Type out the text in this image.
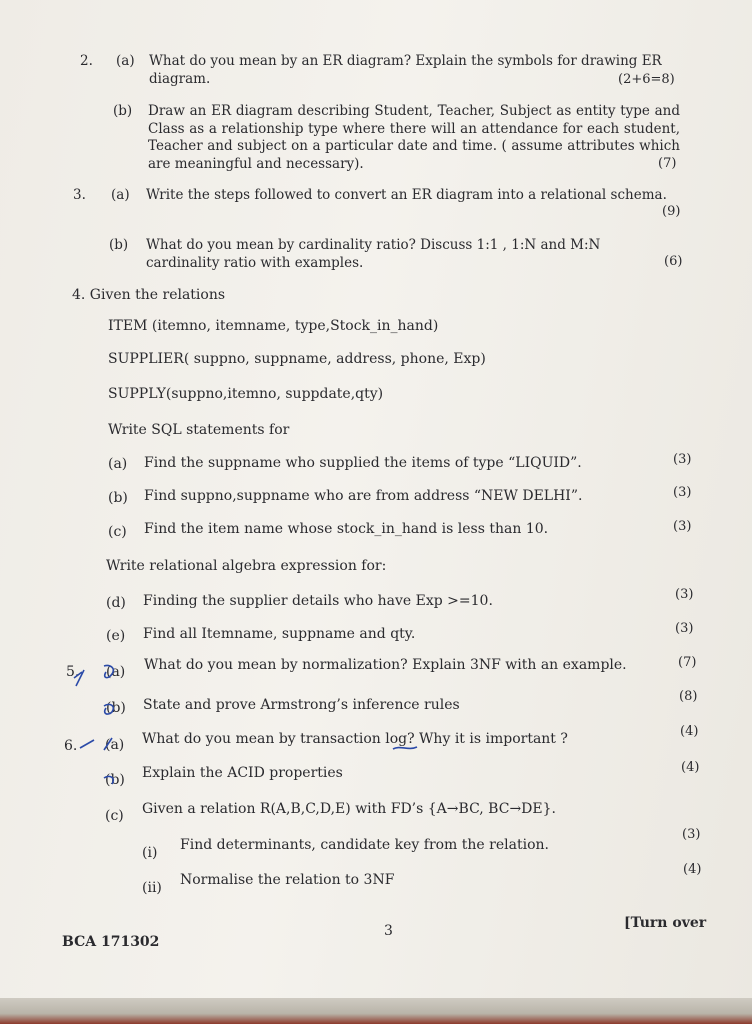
2. (a) What do you mean by an ER diagram? Explain the symbols for drawing ER
diagram.	(2+6=8)
(b) Draw an ER diagram describing Student, Teacher, Subject as entity type and Class as a relationship type where there will an attendance for each student, Teacher and subject on a particular date and time. ( assume attributes which are meaningful and necessary).	(7)
3. (a) Write the steps followed to convert an ER diagram into a relational schema.
(9)
(b) What do you mean by cardinality ratio? Discuss 1:1 , 1:N and M:N
cardinality ratio with examples.	(6)
4. Given the relations
ITEM (itemno, itemname, type,Stock_in_hand)
SUPPLIER( suppno, suppname, address, phone, Exp)
SUPPLY(suppno,itemno, suppdate,qty)
Write SQL statements for
(a) Find the suppname who supplied the items of type “LIQUID”.	(3)
(b) Find suppno,suppname who are from address “NEW DELHI”.	(3)
(c) Find the item name whose stock_in_hand is less than 10.	(3)
Write relational algebra expression for:
(d) Finding the supplier details who have Exp >=10.	(3)
(e) Find all Itemname, suppname and qty.	(3)
5. (a) What do you mean by normalization? Explain 3NF with an example.	(7)
(b) State and prove Armstrong’s inference rules
(8)
6. (a) What do you mean by transaction log? Why it is important ?	(4)
(b) Explain the ACID properties	(4)
(c) Given a relation R(A,B,C,D,E) with FD’s {A→BC, BC→DE}.
(i) Find determinants, candidate key from the relation.
(3)
(ii) Normalise the relation to 3NF
(4)
BCA 171302
3	[Turn over
